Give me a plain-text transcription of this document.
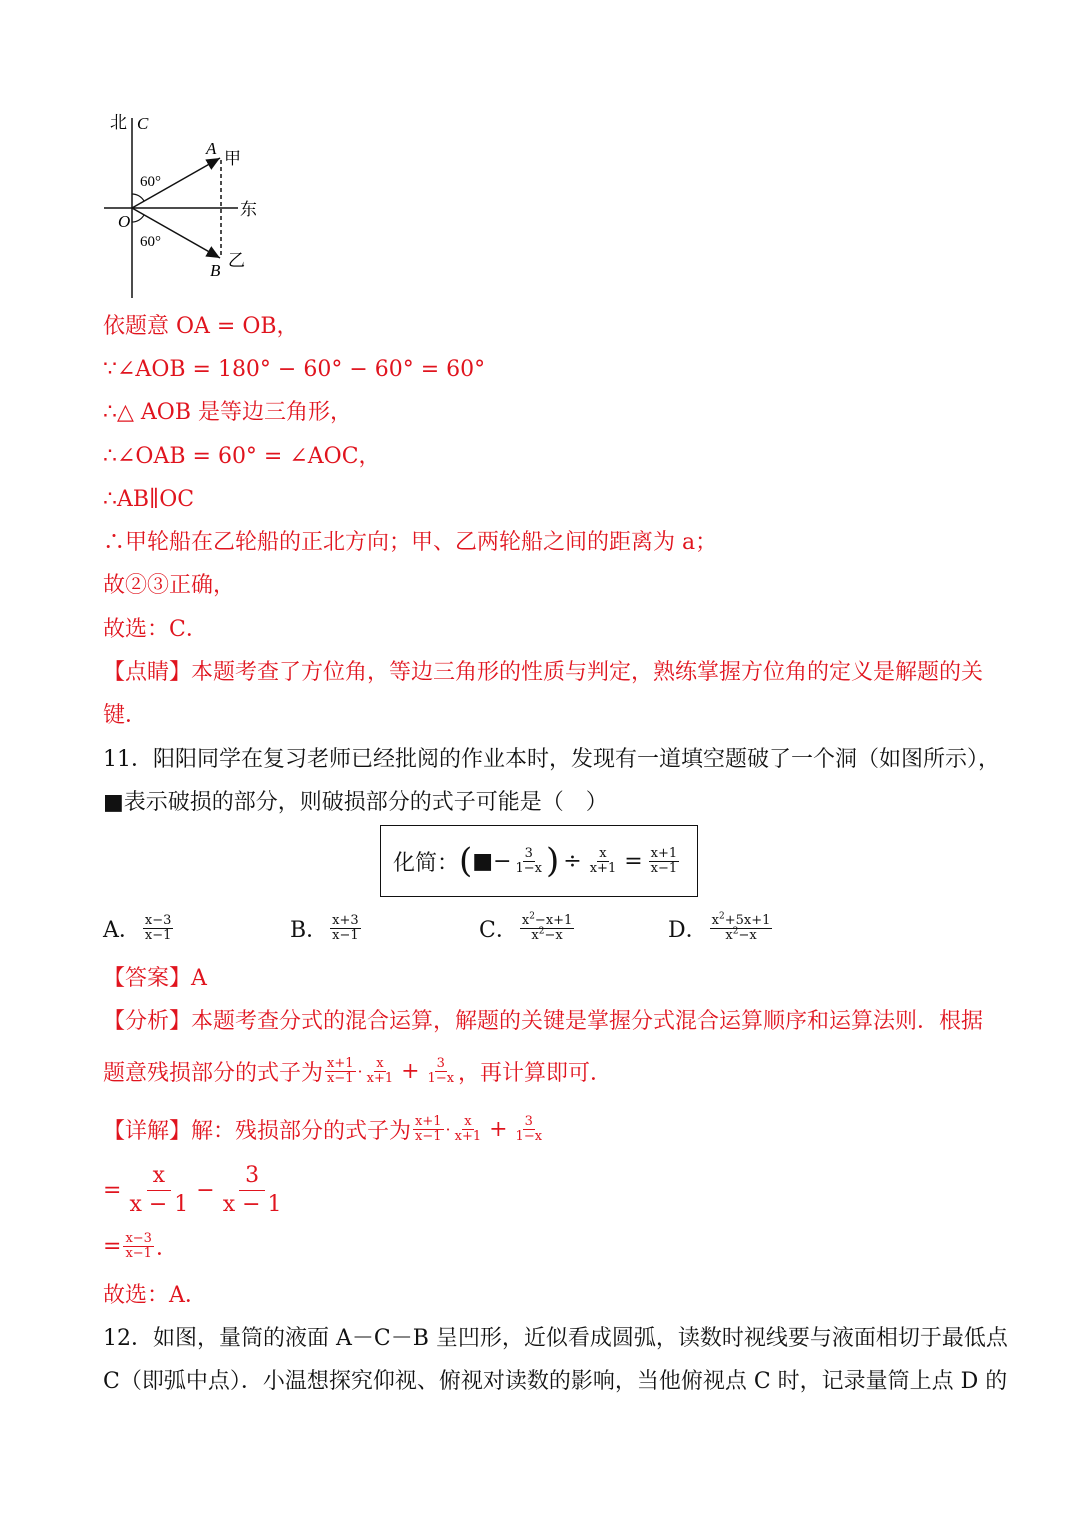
北 C
A
甲
60°
O
东
60°
B 乙
依题意 OA = OB，
∵∠AOB = 180° − 60° − 60° = 60°
∴△ AOB 是等边三角形，
∴∠OAB = 60° = ∠AOC，
∴AB∥OC
∴甲轮船在乙轮船的正北方向；甲、乙两轮船之间的距离为 a；
故②③正确，
故选：C．
【点睛】本题考查了方位角，等边三角形的性质与判定，熟练掌握方位角的定义是解题的关
键．
11．阳阳同学在复习老师已经批阅的作业本时，发现有一道填空题破了一个洞（如图所示），
■表示破损的部分，则破损部分的式子可能是（　）
化简： ( ■− $\frac{3}{1-x}$ ) ÷ $\frac{x}{x+1} = \frac{x+1}{x-1}$
A． $\frac{x-3}{x-1}$	B． $\frac{x+3}{x-1}$	C． $\frac{x^2-x+1}{x^2-x}$	D． $\frac{x^2+5x+1}{x^2-x}$
【答案】A
【分析】本题考查分式的混合运算，解题的关键是掌握分式混合运算顺序和运算法则．根据
题意残损部分的式子为 $\frac{x+1}{x-1} \cdot \frac{x}{x+1} + \frac{3}{1-x}$ ，再计算即可．
【详解】解：残损部分的式子为 $\frac{x+1}{x-1} \cdot \frac{x}{x+1} + \frac{3}{1-x}$
= $\frac{x}{x - 1} - \frac{3}{x - 1}$
= $\frac{x-3}{x-1}$ ．
故选：A．
12．如图，量筒的液面 A－C－B 呈凹形，近似看成圆弧，读数时视线要与液面相切于最低点
C（即弧中点）．小温想探究仰视、俯视对读数的影响，当他俯视点 C 时，记录量筒上点 D 的
